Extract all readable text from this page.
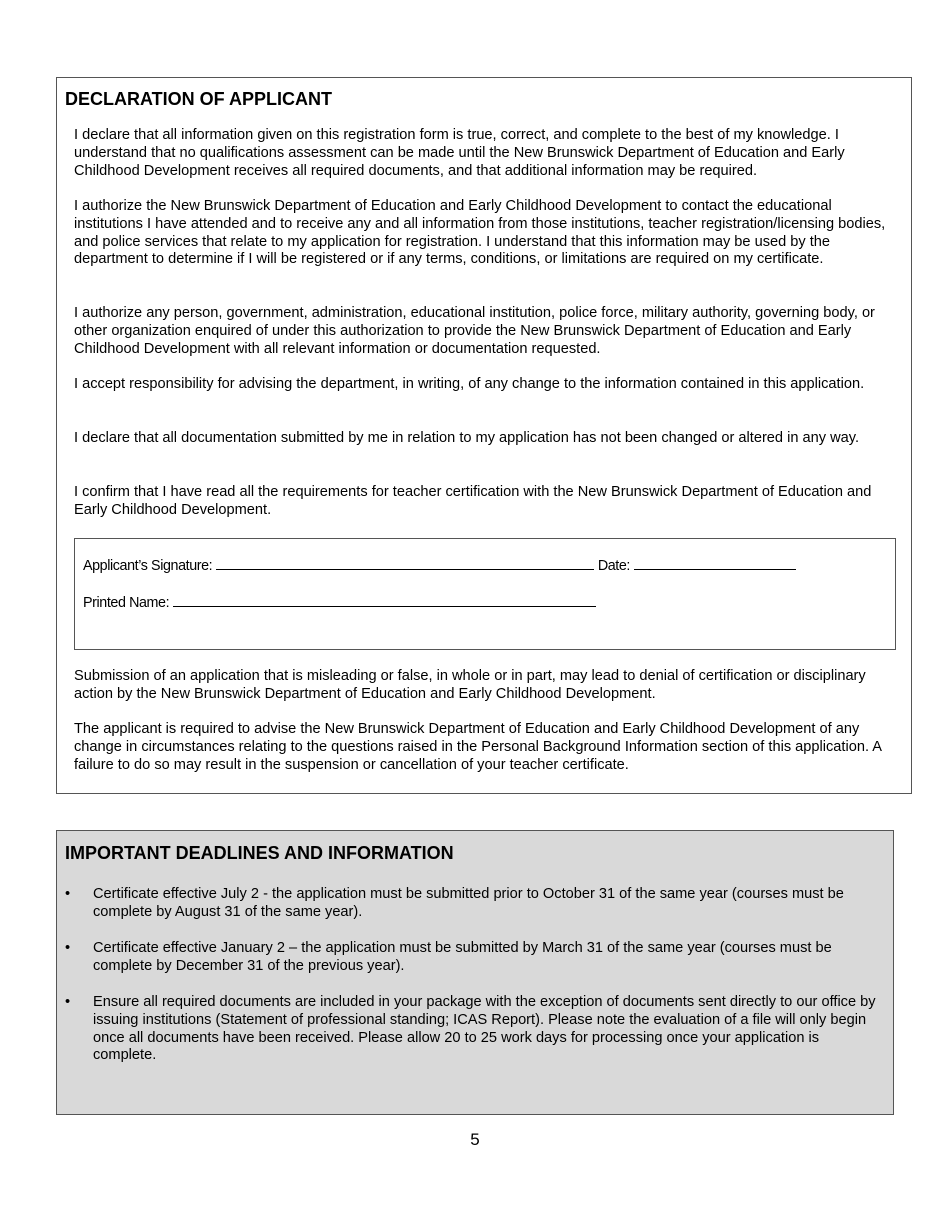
DECLARATION OF APPLICANT

I declare that all information given on this registration form is true, correct, and complete to the best of my knowledge. I understand that no qualifications assessment can be made until the New Brunswick Department of Education and Early Childhood Development receives all required documents, and that additional information may be required.

I authorize the New Brunswick Department of Education and Early Childhood Development to contact the educational institutions I have attended and to receive any and all information from those institutions, teacher registration/licensing bodies, and police services that relate to my application for registration. I understand that this information may be used by the department to determine if I will be registered or if any terms, conditions, or limitations are required on my certificate.

I authorize any person, government, administration, educational institution, police force, military authority, governing body, or other organization enquired of under this authorization to provide the New Brunswick Department of Education and Early Childhood Development with all relevant information or documentation requested.

I accept responsibility for advising the department, in writing, of any change to the information contained in this application.

I declare that all documentation submitted by me in relation to my application has not been changed or altered in any way.

I confirm that I have read all the requirements for teacher certification with the New Brunswick Department of Education and Early Childhood Development.

Applicant’s Signature:	Date:
Printed Name:

Submission of an application that is misleading or false, in whole or in part, may lead to denial of certification or disciplinary action by the New Brunswick Department of Education and Early Childhood Development.

The applicant is required to advise the New Brunswick Department of Education and Early Childhood Development of any change in circumstances relating to the questions raised in the Personal Background Information section of this application. A failure to do so may result in the suspension or cancellation of your teacher certificate.

IMPORTANT DEADLINES AND INFORMATION
•	Certificate effective July 2 - the application must be submitted prior to October 31 of the same year (courses must be complete by August 31 of the same year).
•	Certificate effective January 2 – the application must be submitted by March 31 of the same year (courses must be complete by December 31 of the previous year).
•	Ensure all required documents are included in your package with the exception of documents sent directly to our office by issuing institutions (Statement of professional standing; ICAS Report). Please note the evaluation of a file will only begin once all documents have been received. Please allow 20 to 25 work days for processing once your application is complete.
5
